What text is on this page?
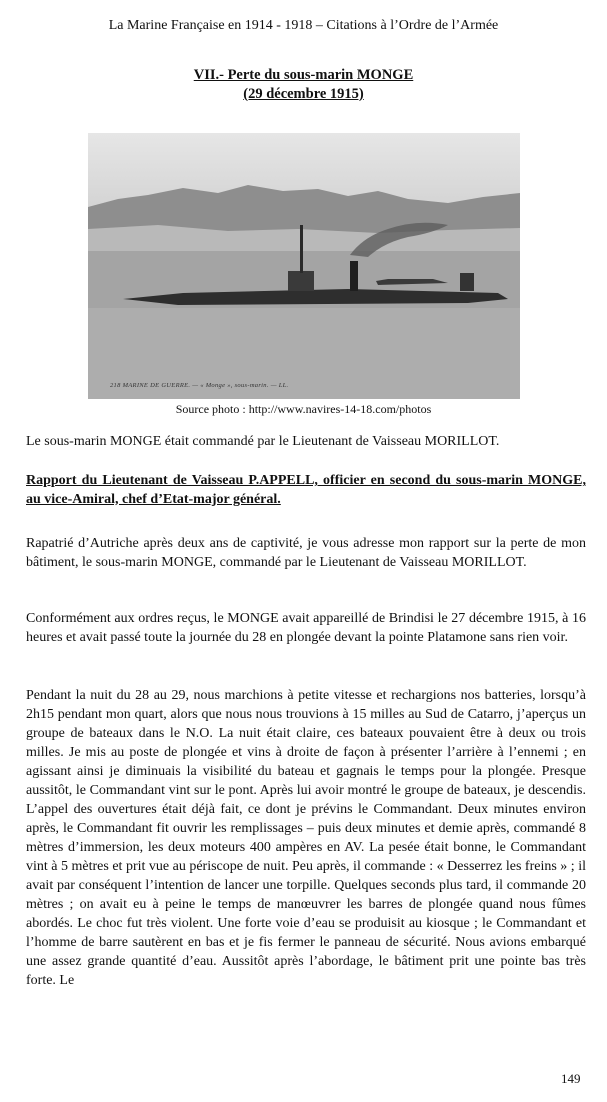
La Marine Française en 1914 - 1918 – Citations à l’Ordre de l’Armée
VII.- Perte du sous-marin MONGE
(29 décembre 1915)
218 MARINE DE GUERRE. — « Monge », sous-marin. — LL.
Source photo : http://www.navires-14-18.com/photos
Le sous-marin MONGE était commandé par le Lieutenant de Vaisseau MORILLOT.
Rapport du Lieutenant de Vaisseau P.APPELL, officier en second du sous-marin MONGE, au vice-Amiral, chef d’Etat-major général.
Rapatrié d’Autriche après deux ans de captivité, je vous adresse mon rapport sur la perte de mon bâtiment, le sous-marin MONGE, commandé par le Lieutenant de Vaisseau MORILLOT.
Conformément aux ordres reçus, le MONGE avait appareillé de Brindisi le 27 décembre 1915, à 16 heures et avait passé toute la journée du 28 en plongée devant la pointe Platamone sans rien voir.
Pendant la nuit du 28 au 29, nous marchions à petite vitesse et rechargions nos batteries, lorsqu’à 2h15 pendant mon quart, alors que nous nous trouvions à 15 milles au Sud de Catarro, j’aperçus un groupe de bateaux dans le N.O. La nuit était claire, ces bateaux pouvaient être à deux ou trois milles. Je mis au poste de plongée et vins à droite de façon à présenter l’arrière à l’ennemi ; en agissant ainsi je diminuais la visibilité du bateau et gagnais le temps pour la plongée. Presque aussitôt, le Commandant vint sur le pont. Après lui avoir montré le groupe de bateaux, je descendis. L’appel des ouvertures était déjà fait, ce dont je prévins le Commandant. Deux minutes environ après, le Commandant fit ouvrir les remplissages – puis deux minutes et demie après, commandé 8 mètres d’immersion, les deux moteurs 400 ampères en AV. La pesée était bonne, le Commandant vint à 5 mètres et prit vue au périscope de nuit. Peu après, il commande : « Desserrez les freins » ; il avait par conséquent l’intention de lancer une torpille. Quelques seconds plus tard, il commande 20 mètres ; on avait eu à peine le temps de manœuvrer les barres de plongée quand nous fûmes abordés. Le choc fut très violent. Une forte voie d’eau se produisit au kiosque ; le Commandant et l’homme de barre sautèrent en bas et je fis fermer le panneau de sécurité. Nous avions embarqué une assez grande quantité d’eau. Aussitôt après l’abordage, le bâtiment prit une pointe bas très forte. Le
149
